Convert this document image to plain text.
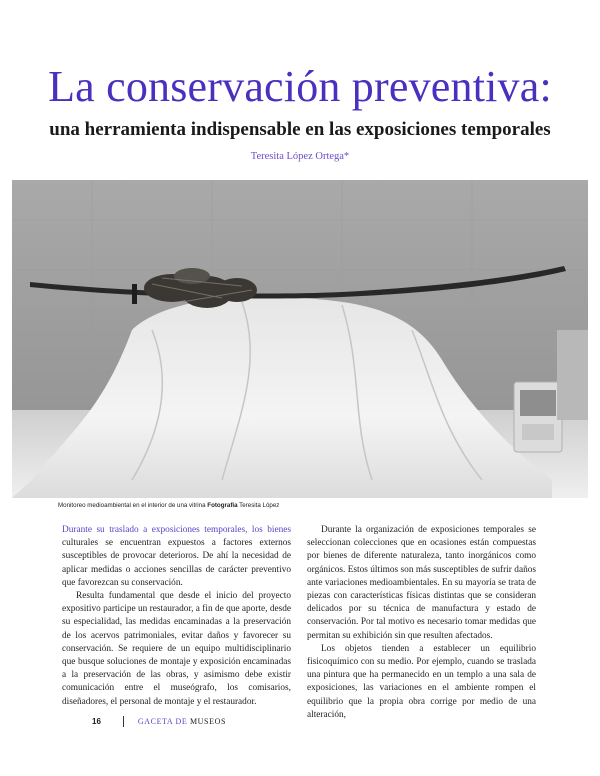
La conservación preventiva:
una herramienta indispensable en las exposiciones temporales
Teresita López Ortega*
Monitoreo medioambiental en el interior de una vitrina Fotografía Teresita López

Durante su traslado a exposiciones temporales, los bienes culturales se encuentran expuestos a factores externos susceptibles de provocar deterioros. De ahí la necesidad de aplicar medidas o acciones sencillas de carácter preventivo que favorezcan su conservación.

Resulta fundamental que desde el inicio del proyecto expositivo participe un restaurador, a fin de que aporte, desde su especialidad, las medidas encaminadas a la preservación de los acervos patrimoniales, evitar daños y favorecer su conservación. Se requiere de un equipo multidisciplinario que busque soluciones de montaje y exposición encaminadas a la preservación de las obras, y asimismo debe existir comunicación entre el museógrafo, los comisarios, diseñadores, el personal de montaje y el restaurador.

Durante la organización de exposiciones temporales se seleccionan colecciones que en ocasiones están compuestas por bienes de diferente naturaleza, tanto inorgánicos como orgánicos. Estos últimos son más susceptibles de sufrir daños ante variaciones medioambientales. En su mayoría se trata de piezas con características físicas distintas que se consideran delicados por su técnica de manufactura y estado de conservación. Por tal motivo es necesario tomar medidas que permitan su exhibición sin que resulten afectados.

Los objetos tienden a establecer un equilibrio fisicoquímico con su medio. Por ejemplo, cuando se traslada una pintura que ha permanecido en un templo a una sala de exposiciones, las variaciones en el ambiente rompen el equilibrio que la propia obra corrige por medio de una alteración,

16	GACETA DE MUSEOS
